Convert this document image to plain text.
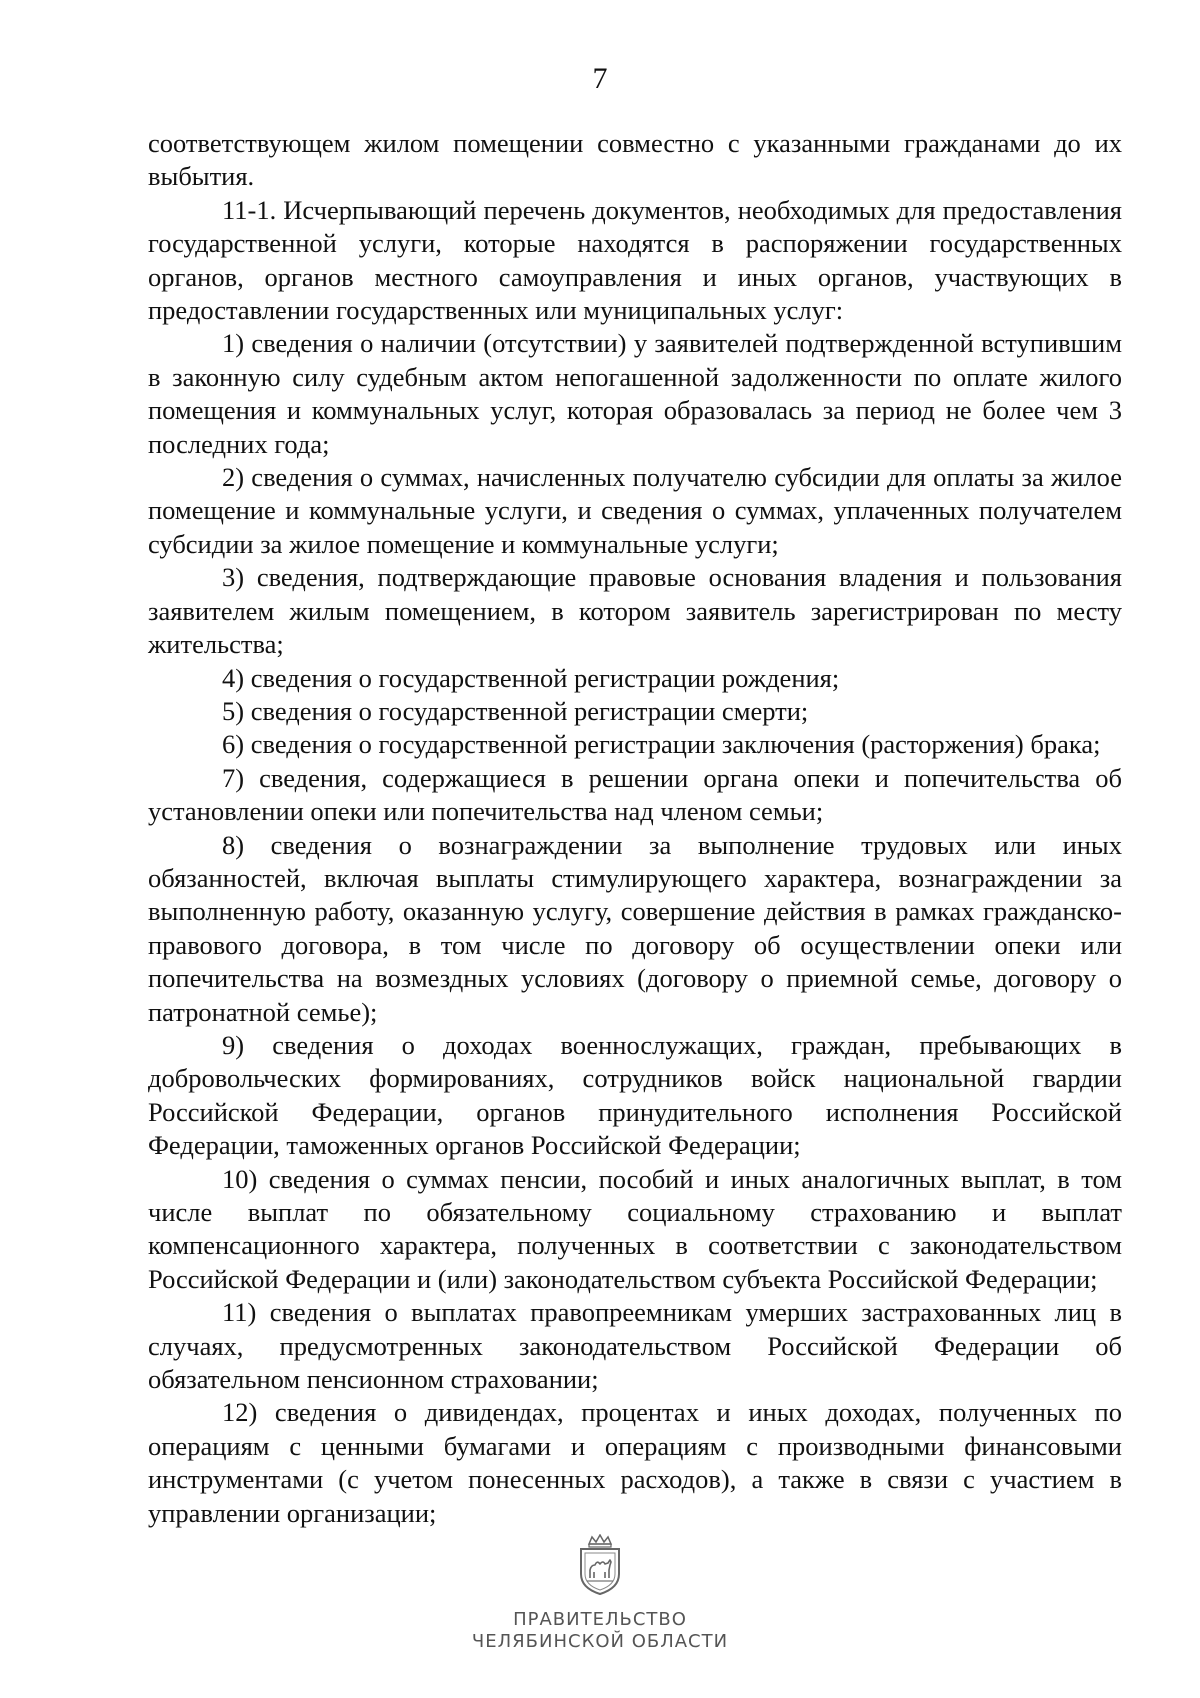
7

соответствующем жилом помещении совместно с указанными гражданами до их выбытия.

11-1. Исчерпывающий перечень документов, необходимых для предоставления государственной услуги, которые находятся в распоряжении государственных органов, органов местного самоуправления и иных органов, участвующих в предоставлении государственных или муниципальных услуг:

1) сведения о наличии (отсутствии) у заявителей подтвержденной вступившим в законную силу судебным актом непогашенной задолженности по оплате жилого помещения и коммунальных услуг, которая образовалась за период не более чем 3 последних года;

2) сведения о суммах, начисленных получателю субсидии для оплаты за жилое помещение и коммунальные услуги, и сведения о суммах, уплаченных получателем субсидии за жилое помещение и коммунальные услуги;

3) сведения, подтверждающие правовые основания владения и пользования заявителем жилым помещением, в котором заявитель зарегистрирован по месту жительства;

4) сведения о государственной регистрации рождения;

5) сведения о государственной регистрации смерти;

6) сведения о государственной регистрации заключения (расторжения) брака;

7) сведения, содержащиеся в решении органа опеки и попечительства об установлении опеки или попечительства над членом семьи;

8) сведения о вознаграждении за выполнение трудовых или иных обязанностей, включая выплаты стимулирующего характера, вознаграждении за выполненную работу, оказанную услугу, совершение действия в рамках гражданско-правового договора, в том числе по договору об осуществлении опеки или попечительства на возмездных условиях (договору о приемной семье, договору о патронатной семье);

9) сведения о доходах военнослужащих, граждан, пребывающих в добровольческих формированиях, сотрудников войск национальной гвардии Российской Федерации, органов принудительного исполнения Российской Федерации, таможенных органов Российской Федерации;

10) сведения о суммах пенсии, пособий и иных аналогичных выплат, в том числе выплат по обязательному социальному страхованию и выплат компенсационного характера, полученных в соответствии с законодательством Российской Федерации и (или) законодательством субъекта Российской Федерации;

11) сведения о выплатах правопреемникам умерших застрахованных лиц в случаях, предусмотренных законодательством Российской Федерации об обязательном пенсионном страховании;

12) сведения о дивидендах, процентах и иных доходах, полученных по операциям с ценными бумагами и операциям с производными финансовыми инструментами (с учетом понесенных расходов), а также в связи с участием в управлении организации;

ПРАВИТЕЛЬСТВО
ЧЕЛЯБИНСКОЙ ОБЛАСТИ
